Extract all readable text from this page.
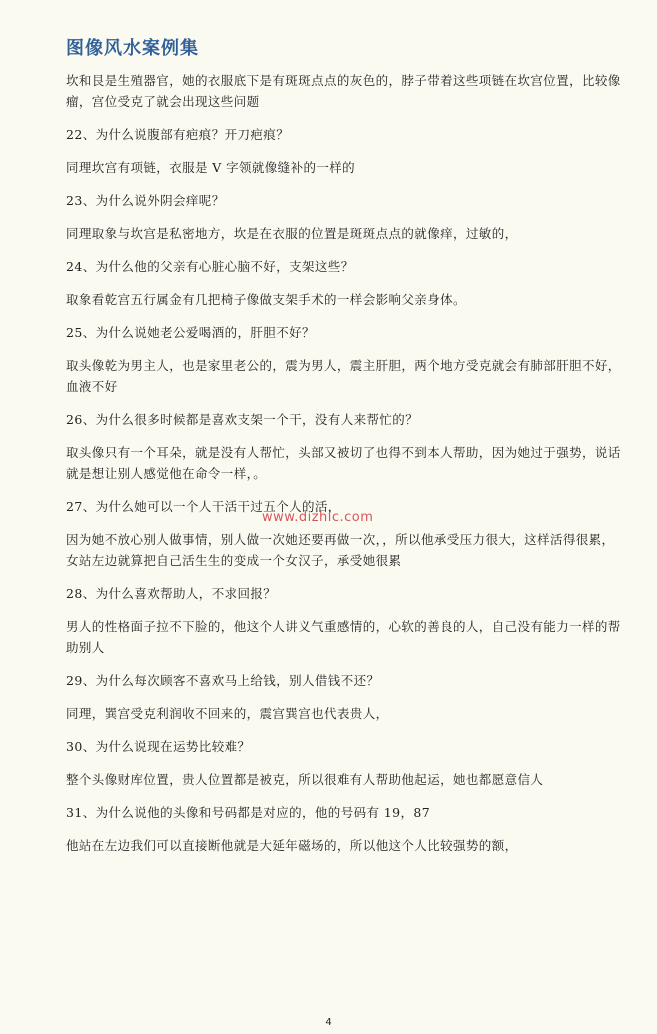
图像风水案例集

坎和艮是生殖器官，她的衣服底下是有斑斑点点的灰色的，脖子带着这些项链在坎宫位置，比较像瘤，宫位受克了就会出现这些问题

22、为什么说腹部有疤痕？开刀疤痕？

同理坎宫有项链，衣服是 V 字领就像缝补的一样的

23、为什么说外阴会痒呢？

同理取象与坎宫是私密地方，坎是在衣服的位置是斑斑点点的就像痒，过敏的，

24、为什么他的父亲有心脏心脑不好，支架这些？

取象看乾宫五行属金有几把椅子像做支架手术的一样会影响父亲身体。

25、为什么说她老公爱喝酒的，肝胆不好？

取头像乾为男主人，也是家里老公的，震为男人，震主肝胆，两个地方受克就会有肺部肝胆不好，血液不好

26、为什么很多时候都是喜欢支架一个干，没有人来帮忙的？

取头像只有一个耳朵，就是没有人帮忙，头部又被切了也得不到本人帮助，因为她过于强势，说话就是想让别人感觉他在命令一样，。

27、为什么她可以一个人干活干过五个人的活，

因为她不放心别人做事情，别人做一次她还要再做一次，，所以他承受压力很大，这样活得很累，女站左边就算把自己活生生的变成一个女汉子，承受她很累

28、为什么喜欢帮助人，不求回报？

男人的性格面子拉不下脸的，他这个人讲义气重感情的，心软的善良的人，自己没有能力一样的帮助别人

29、为什么每次顾客不喜欢马上给钱，别人借钱不还？

同理，巽宫受克利润收不回来的，震宫巽宫也代表贵人，

30、为什么说现在运势比较难？

整个头像财库位置，贵人位置都是被克，所以很难有人帮助他起运，她也都愿意信人

31、为什么说他的头像和号码都是对应的，他的号码有 19，87

他站在左边我们可以直接断他就是大延年磁场的，所以他这个人比较强势的额，

www.dizhic.com
4
